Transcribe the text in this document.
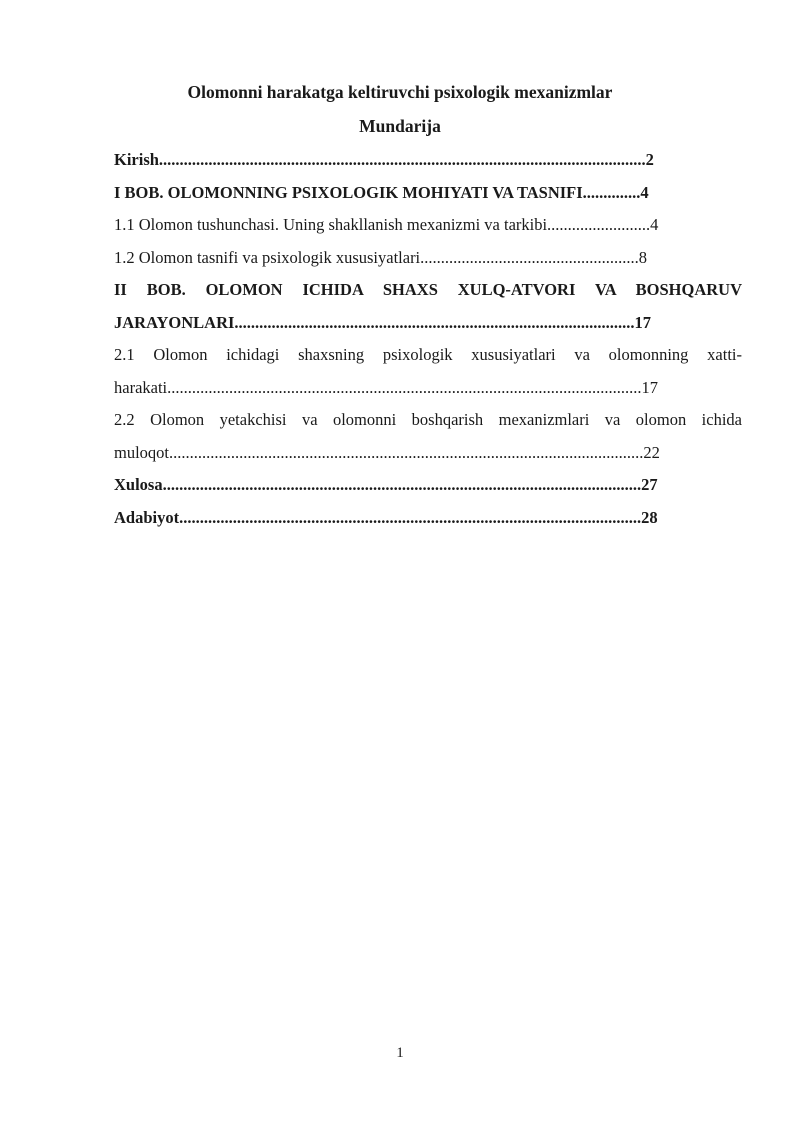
Olomonni harakatga keltiruvchi psixologik mexanizmlar
Mundarija
Kirish......................................................................................................................2
I BOB. OLOMONNING PSIXOLOGIK MOHIYATI VA TASNIFI..............4
1.1 Olomon tushunchasi. Uning shakllanish mexanizmi va tarkibi.........................4
1.2 Olomon tasnifi va psixologik xususiyatlari.....................................................8
II BOB. OLOMON ICHIDA SHAXS XULQ-ATVORI VA BOSHQARUV
JARAYONLARI.................................................................................................17
2.1 Olomon ichidagi shaxsning psixologik xususiyatlari va olomonning xatti-
harakati...................................................................................................................17
2.2 Olomon yetakchisi va olomonni boshqarish mexanizmlari va olomon ichida
muloqot...................................................................................................................22
Xulosa....................................................................................................................27
Adabiyot................................................................................................................28
1
